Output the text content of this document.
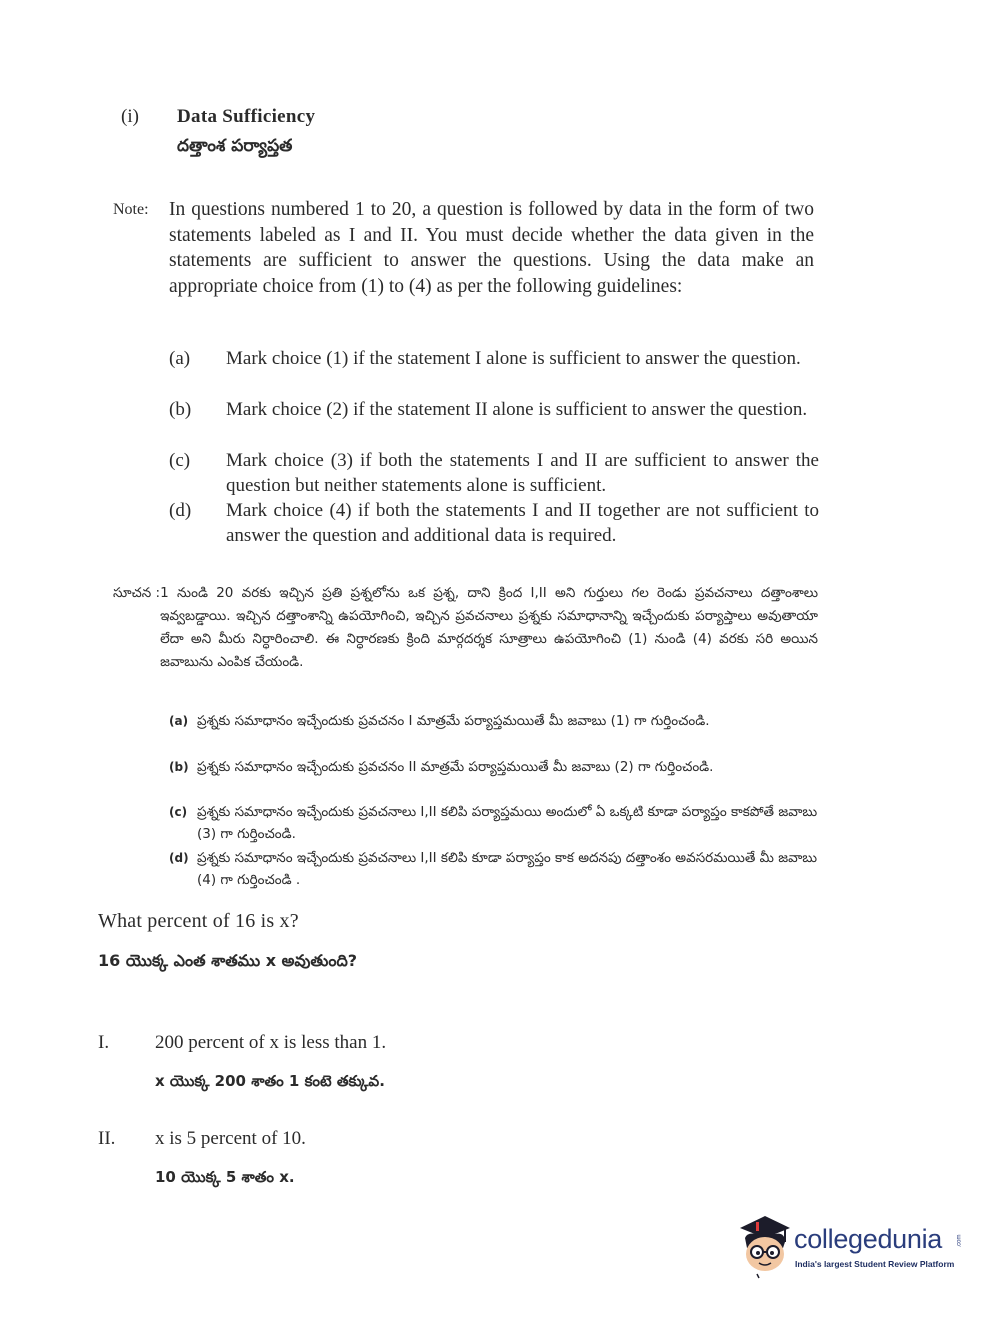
(i) Data Sufficiency
దత్తాంశ పర్యాప్తత
Note: In questions numbered 1 to 20, a question is followed by data in the form of two statements labeled as I and II. You must decide whether the data given in the statements are sufficient to answer the questions. Using the data make an appropriate choice from (1) to (4) as per the following guidelines:
(a)	Mark choice (1) if the statement I alone is sufficient to answer the question.
(b)	Mark choice (2) if the statement II alone is sufficient to answer the question.
(c)	Mark choice (3) if both the statements I and II are sufficient to answer the question but neither statements alone is sufficient.
(d)	Mark choice (4) if both the statements I and II together are not sufficient to answer the question and additional data is required.
సూచన : 1 నుండి 20 వరకు ఇచ్చిన ప్రతి ప్రశ్నలోను ఒక ప్రశ్న, దాని క్రింద I,II అని గుర్తులు గల రెండు ప్రవచనాలు దత్తాంశాలు ఇవ్వబడ్డాయి. ఇచ్చిన దత్తాంశాన్ని ఉపయోగించి, ఇచ్చిన ప్రవచనాలు ప్రశ్నకు సమాధానాన్ని ఇచ్చేందుకు పర్యాప్తాలు అవుతాయా లేదా అని మీరు నిర్ధారించాలి. ఈ నిర్ధారణకు క్రింది మార్గదర్శక సూత్రాలు ఉపయోగించి (1) నుండి (4) వరకు సరి అయిన జవాబును ఎంపిక చేయండి.
(a) ప్రశ్నకు సమాధానం ఇచ్చేందుకు ప్రవచనం I మాత్రమే పర్యాప్తమయితే మీ జవాబు (1) గా గుర్తించండి.
(b) ప్రశ్నకు సమాధానం ఇచ్చేందుకు ప్రవచనం II మాత్రమే పర్యాప్తమయితే మీ జవాబు (2) గా గుర్తించండి.
(c) ప్రశ్నకు సమాధానం ఇచ్చేందుకు ప్రవచనాలు I,II కలిపి పర్యాప్తమయి అందులో ఏ ఒక్కటి కూడా పర్యాప్తం కాకపోతే జవాబు (3) గా గుర్తించండి.
(d) ప్రశ్నకు సమాధానం ఇచ్చేందుకు ప్రవచనాలు I,II కలిపి కూడా పర్యాప్తం కాక అదనపు దత్తాంశం అవసరమయితే మీ జవాబు (4) గా గుర్తించండి .
What percent of 16 is x?
16 యొక్క ఎంత శాతము x అవుతుంది?
I. 200 percent of x is less than 1.
x యొక్క 200 శాతం 1 కంటె తక్కువ.
II. x is 5 percent of 10.
10 యొక్క 5 శాతం x.
collegedunia .com
India's largest Student Review Platform
